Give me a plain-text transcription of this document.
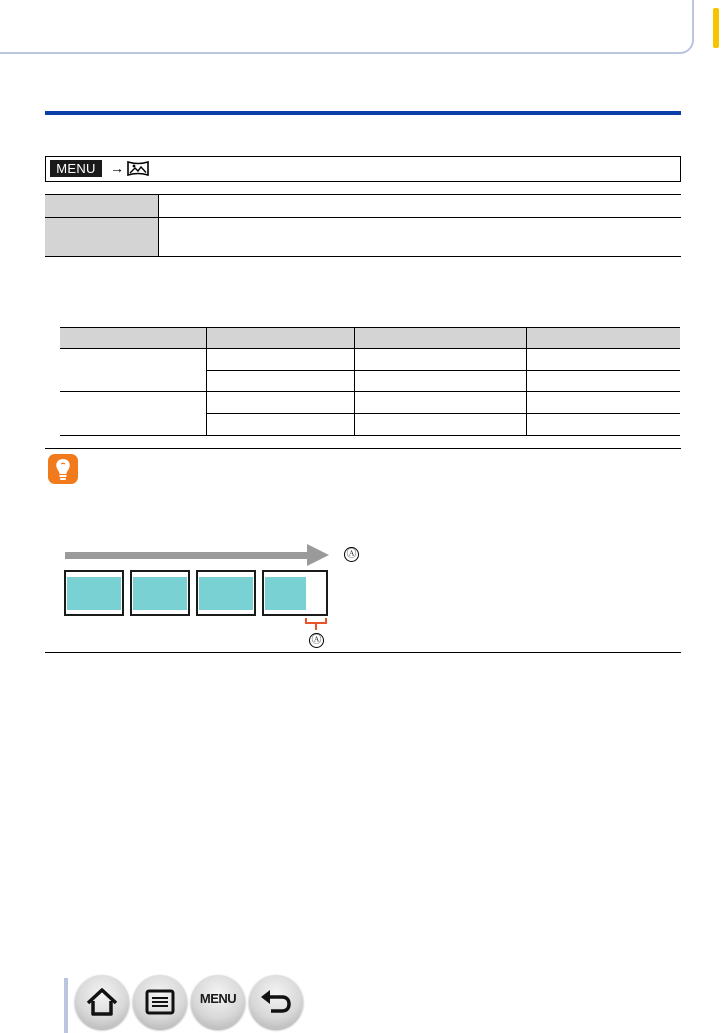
MENU	→
Ⓐ
Ⓐ
MENU
